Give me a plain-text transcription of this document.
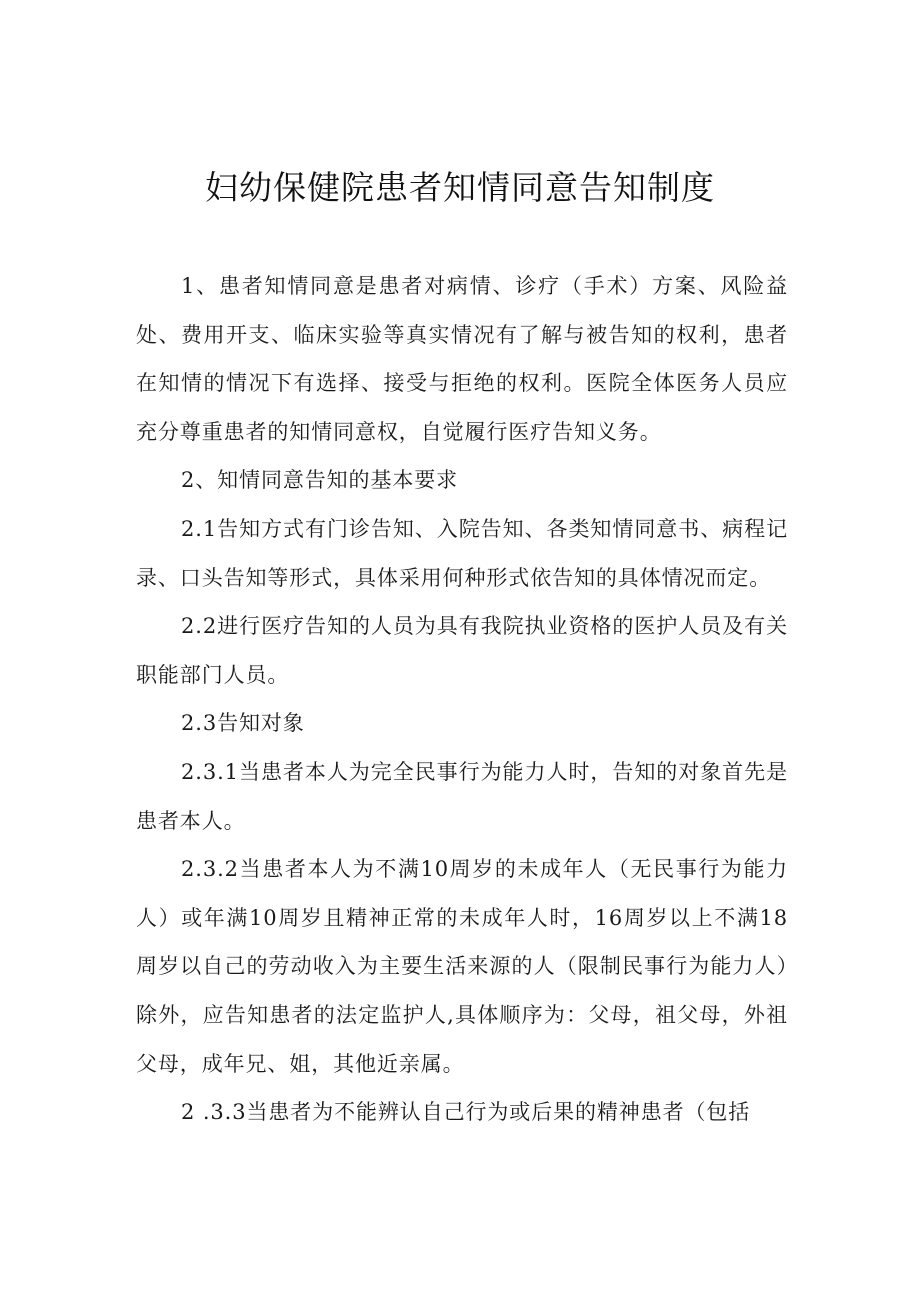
妇幼保健院患者知情同意告知制度

1、患者知情同意是患者对病情、诊疗（手术）方案、风险益处、费用开支、临床实验等真实情况有了解与被告知的权利，患者在知情的情况下有选择、接受与拒绝的权利。医院全体医务人员应充分尊重患者的知情同意权，自觉履行医疗告知义务。

2、知情同意告知的基本要求

2.1告知方式有门诊告知、入院告知、各类知情同意书、病程记录、口头告知等形式，具体采用何种形式依告知的具体情况而定。

2.2进行医疗告知的人员为具有我院执业资格的医护人员及有关职能部门人员。

2.3告知对象

2.3.1当患者本人为完全民事行为能力人时，告知的对象首先是患者本人。

2.3.2当患者本人为不满10周岁的未成年人（无民事行为能力人）或年满10周岁且精神正常的未成年人时，16周岁以上不满18周岁以自己的劳动收入为主要生活来源的人（限制民事行为能力人）除外，应告知患者的法定监护人,具体顺序为：父母，祖父母，外祖父母，成年兄、姐，其他近亲属。

2 .3.3当患者为不能辨认自己行为或后果的精神患者（包括
